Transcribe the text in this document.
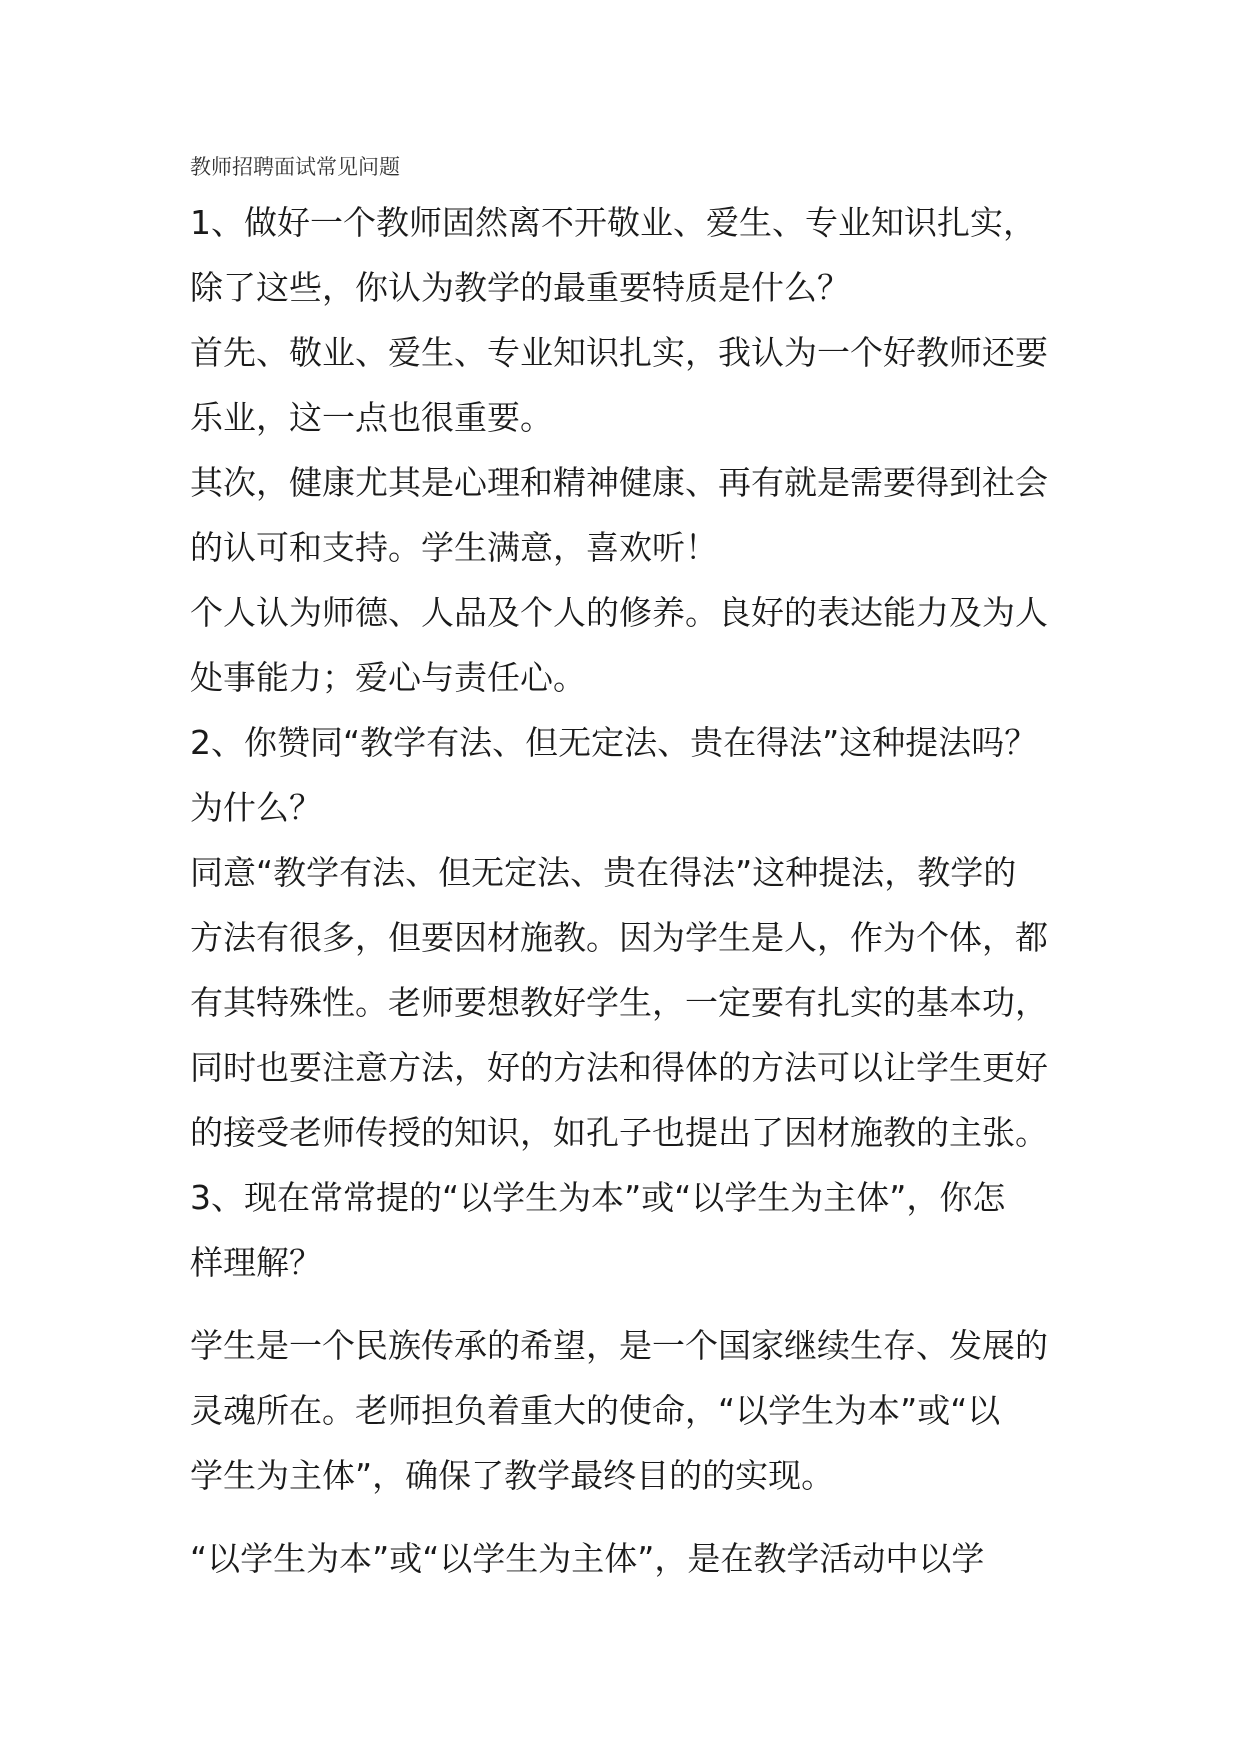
教师招聘面试常见问题

1、做好一个教师固然离不开敬业、爱生、专业知识扎实，
除了这些，你认为教学的最重要特质是什么？

首先、敬业、爱生、专业知识扎实，我认为一个好教师还要
乐业，这一点也很重要。

其次，健康尤其是心理和精神健康、再有就是需要得到社会
的认可和支持。学生满意，喜欢听！

个人认为师德、人品及个人的修养。良好的表达能力及为人
处事能力；爱心与责任心。

2、你赞同“教学有法、但无定法、贵在得法”这种提法吗？
为什么？

同意“教学有法、但无定法、贵在得法”这种提法，教学的
方法有很多，但要因材施教。因为学生是人，作为个体，都
有其特殊性。老师要想教好学生，一定要有扎实的基本功，
同时也要注意方法，好的方法和得体的方法可以让学生更好
的接受老师传授的知识，如孔子也提出了因材施教的主张。

3、现在常常提的“以学生为本”或“以学生为主体”，你怎
样理解？

学生是一个民族传承的希望，是一个国家继续生存、发展的
灵魂所在。老师担负着重大的使命，“以学生为本”或“以
学生为主体”，确保了教学最终目的的实现。

“以学生为本”或“以学生为主体”，是在教学活动中以学
